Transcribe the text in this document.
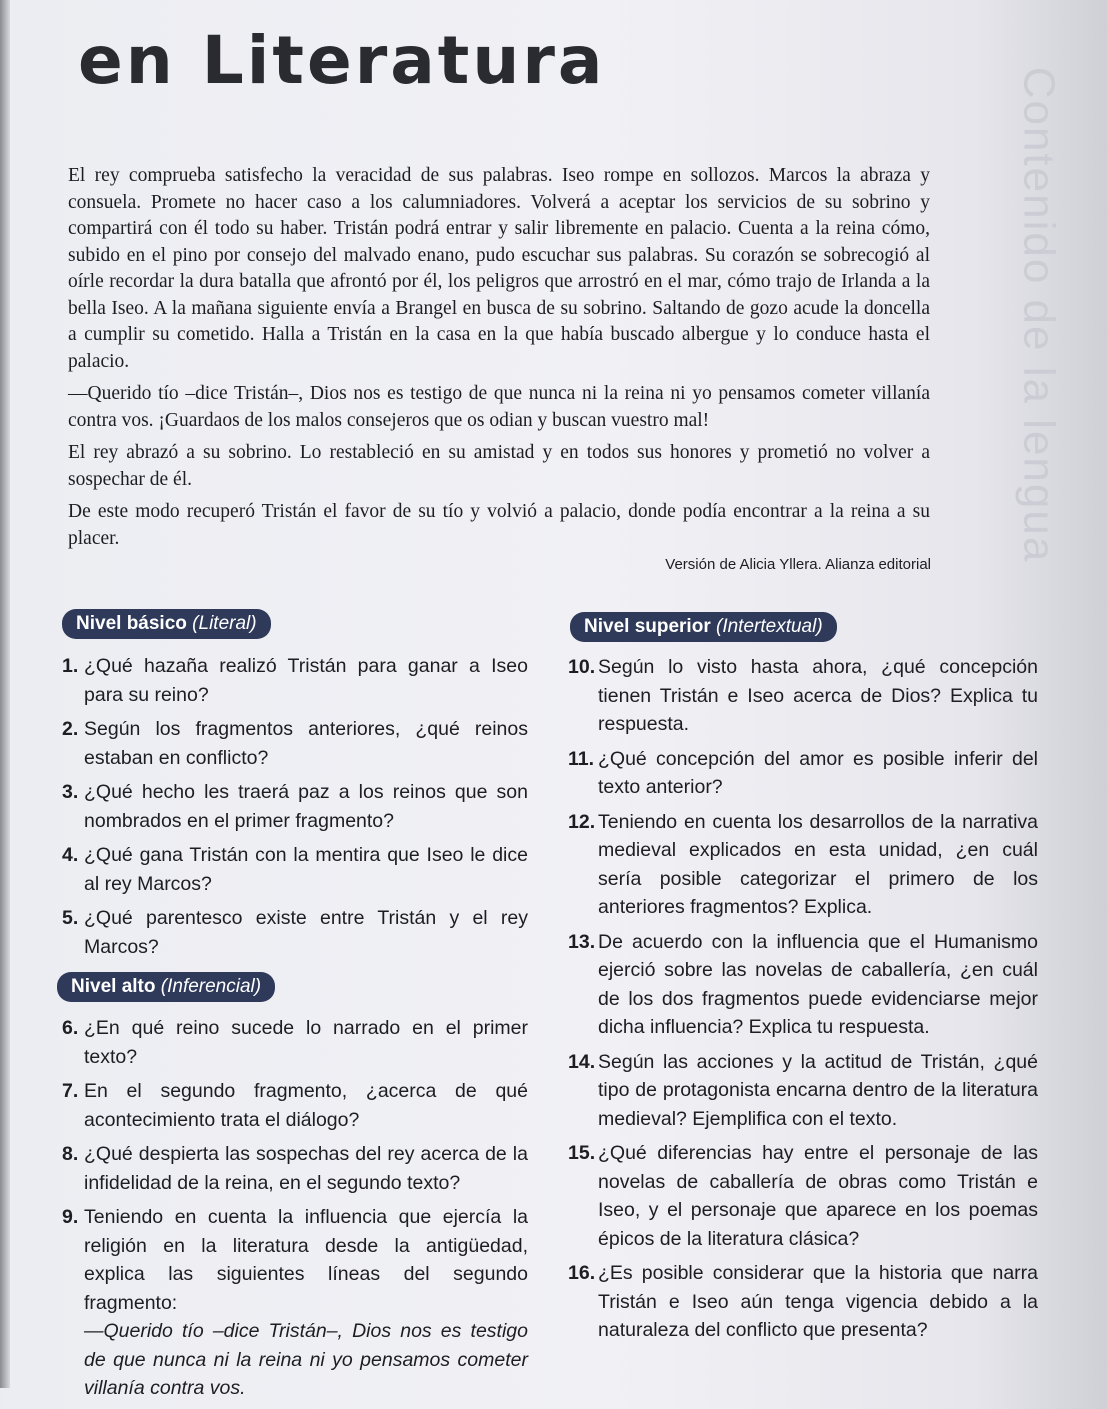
Contenido de la lengua
en Literatura

El rey comprueba satisfecho la veracidad de sus palabras. Iseo rompe en sollozos. Marcos la abraza y consuela. Promete no hacer caso a los calumniadores. Volverá a aceptar los servicios de su sobrino y compartirá con él todo su haber. Tristán podrá entrar y salir libremente en palacio. Cuenta a la reina cómo, subido en el pino por consejo del malvado enano, pudo escuchar sus palabras. Su corazón se sobrecogió al oírle recordar la dura batalla que afrontó por él, los peligros que arrostró en el mar, cómo trajo de Irlanda a la bella Iseo. A la mañana siguiente envía a Brangel en busca de su sobrino. Saltando de gozo acude la doncella a cumplir su cometido. Halla a Tristán en la casa en la que había buscado albergue y lo conduce hasta el palacio.

—Querido tío –dice Tristán–, Dios nos es testigo de que nunca ni la reina ni yo pensamos cometer villanía contra vos. ¡Guardaos de los malos consejeros que os odian y buscan vuestro mal!

El rey abrazó a su sobrino. Lo restableció en su amistad y en todos sus honores y prometió no volver a sospechar de él.

De este modo recuperó Tristán el favor de su tío y volvió a palacio, donde podía encontrar a la reina a su placer.

Versión de Alicia Yllera. Alianza editorial
Nivel básico (Literal)
1. ¿Qué hazaña realizó Tristán para ganar a Iseo para su reino?
2. Según los fragmentos anteriores, ¿qué reinos estaban en conflicto?
3. ¿Qué hecho les traerá paz a los reinos que son nombrados en el primer fragmento?
4. ¿Qué gana Tristán con la mentira que Iseo le dice al rey Marcos?
5. ¿Qué parentesco existe entre Tristán y el rey Marcos?
Nivel alto (Inferencial)
6. ¿En qué reino sucede lo narrado en el primer texto?
7. En el segundo fragmento, ¿acerca de qué acontecimiento trata el diálogo?
8. ¿Qué despierta las sospechas del rey acerca de la infidelidad de la reina, en el segundo texto?
9. Teniendo en cuenta la influencia que ejercía la religión en la literatura desde la antigüedad, explica las siguientes líneas del segundo fragmento:
—Querido tío –dice Tristán–, Dios nos es testigo de que nunca ni la reina ni yo pensamos cometer villanía contra vos.
Nivel superior (Intertextual)
10. Según lo visto hasta ahora, ¿qué concepción tienen Tristán e Iseo acerca de Dios? Explica tu respuesta.
11. ¿Qué concepción del amor es posible inferir del texto anterior?
12. Teniendo en cuenta los desarrollos de la narrativa medieval explicados en esta unidad, ¿en cuál sería posible categorizar el primero de los anteriores fragmentos? Explica.
13. De acuerdo con la influencia que el Humanismo ejerció sobre las novelas de caballería, ¿en cuál de los dos fragmentos puede evidenciarse mejor dicha influencia? Explica tu respuesta.
14. Según las acciones y la actitud de Tristán, ¿qué tipo de protagonista encarna dentro de la literatura medieval? Ejemplifica con el texto.
15. ¿Qué diferencias hay entre el personaje de las novelas de caballería de obras como Tristán e Iseo, y el personaje que aparece en los poemas épicos de la literatura clásica?
16. ¿Es posible considerar que la historia que narra Tristán e Iseo aún tenga vigencia debido a la naturaleza del conflicto que presenta?
